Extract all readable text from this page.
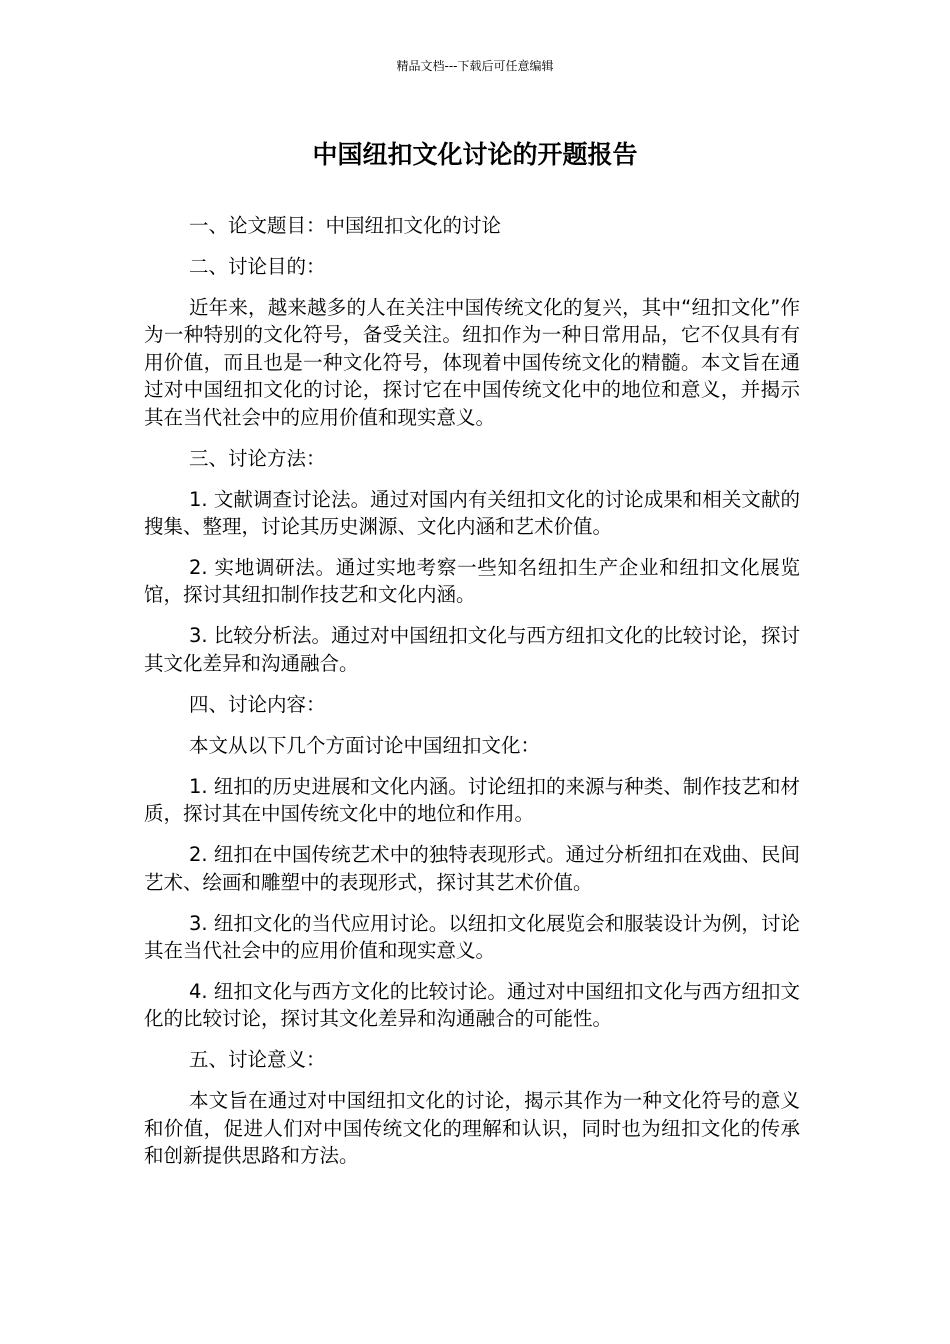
精品文档---下载后可任意编辑
中国纽扣文化讨论的开题报告

一、论文题目：中国纽扣文化的讨论

二、讨论目的：

近年来，越来越多的人在关注中国传统文化的复兴，其中“纽扣文化”作为一种特别的文化符号，备受关注。纽扣作为一种日常用品，它不仅具有有用价值，而且也是一种文化符号，体现着中国传统文化的精髓。本文旨在通过对中国纽扣文化的讨论，探讨它在中国传统文化中的地位和意义，并揭示其在当代社会中的应用价值和现实意义。

三、讨论方法：

1. 文献调查讨论法。通过对国内有关纽扣文化的讨论成果和相关文献的搜集、整理，讨论其历史渊源、文化内涵和艺术价值。

2. 实地调研法。通过实地考察一些知名纽扣生产企业和纽扣文化展览馆，探讨其纽扣制作技艺和文化内涵。

3. 比较分析法。通过对中国纽扣文化与西方纽扣文化的比较讨论，探讨其文化差异和沟通融合。

四、讨论内容：

本文从以下几个方面讨论中国纽扣文化：

1. 纽扣的历史进展和文化内涵。讨论纽扣的来源与种类、制作技艺和材质，探讨其在中国传统文化中的地位和作用。

2. 纽扣在中国传统艺术中的独特表现形式。通过分析纽扣在戏曲、民间艺术、绘画和雕塑中的表现形式，探讨其艺术价值。

3. 纽扣文化的当代应用讨论。以纽扣文化展览会和服装设计为例，讨论其在当代社会中的应用价值和现实意义。

4. 纽扣文化与西方文化的比较讨论。通过对中国纽扣文化与西方纽扣文化的比较讨论，探讨其文化差异和沟通融合的可能性。

五、讨论意义：

本文旨在通过对中国纽扣文化的讨论，揭示其作为一种文化符号的意义和价值，促进人们对中国传统文化的理解和认识，同时也为纽扣文化的传承和创新提供思路和方法。
